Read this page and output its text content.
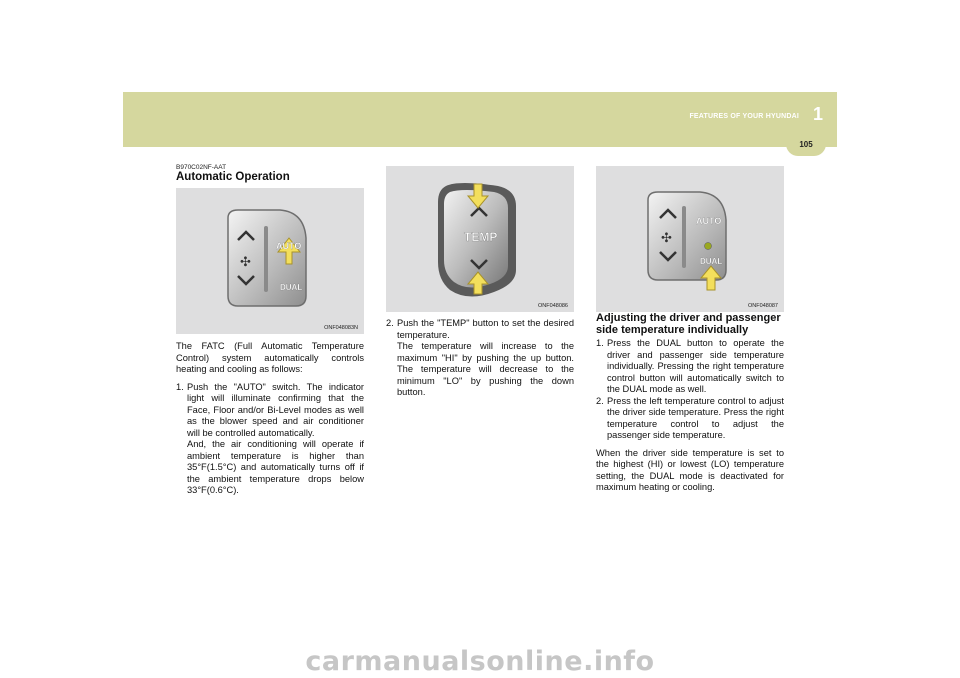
FEATURES OF YOUR HYUNDAI 1
105
B970C02NF-AAT
Automatic Operation
✣
AUTO
DUAL
ONF048083N

The FATC (Full Automatic Temperature Control) system automatically controls heating and cooling as follows:

1. Push the "AUTO" switch. The indicator light will illuminate confirming that the Face, Floor and/or Bi-Level modes as well as the blower speed and air conditioner will be controlled automatically.
And, the air conditioning will operate if ambient temperature is higher than 35°F(1.5°C) and automatically turns off if the ambient temperature drops below 33°F(0.6°C).
TEMP
ONF048086
2. Push the "TEMP" button to set the desired temperature.
The temperature will increase to the maximum "HI" by pushing the up button. The temperature will decrease to the minimum "LO" by pushing the down button.
✣
AUTO
DUAL
ONF048087
Adjusting the driver and passenger side temperature individually
1. Press the DUAL button to operate the driver and passenger side temperature individually. Pressing the right temperature control button will automatically switch to the DUAL mode as well.
2. Press the left temperature control to adjust the driver side temperature. Press the right temperature control to adjust the passenger side temperature.

When the driver side temperature is set to the highest (HI) or lowest (LO) temperature setting, the DUAL mode is deactivated for maximum heating or cooling.

carmanualsonline.info
